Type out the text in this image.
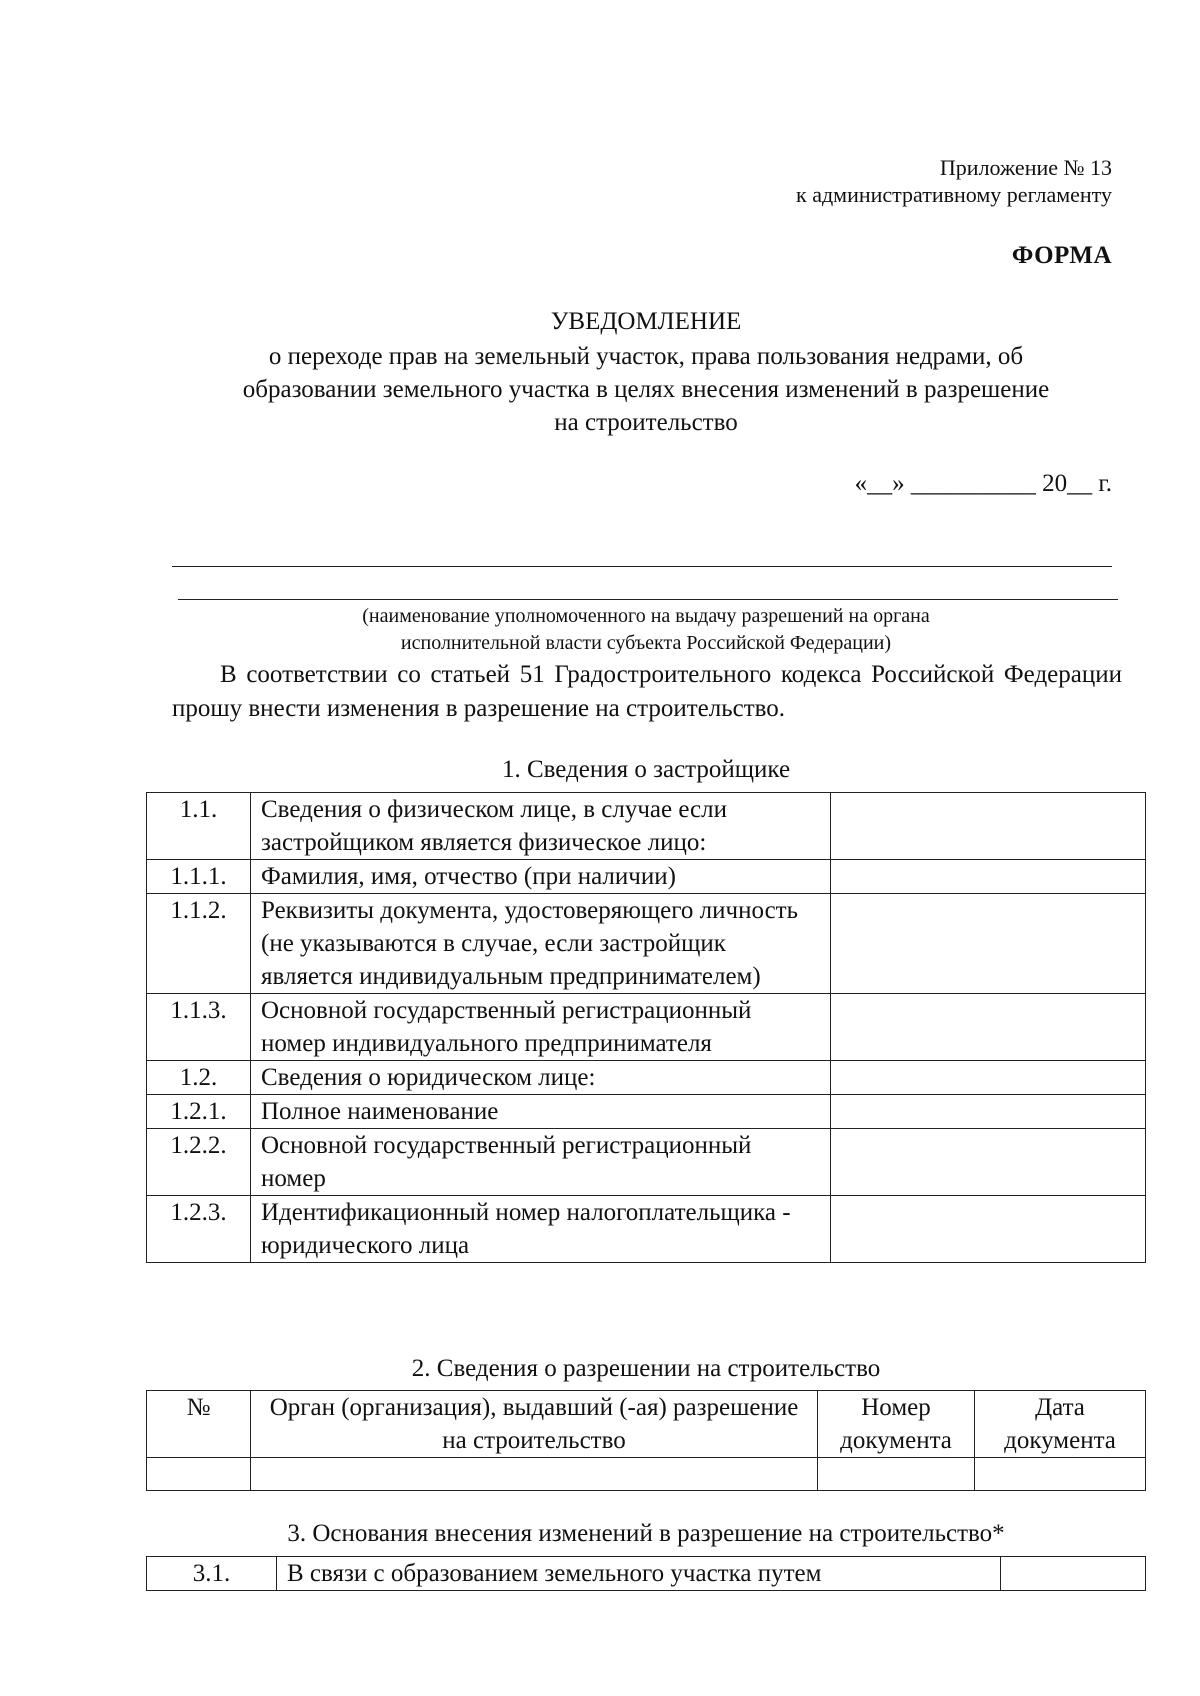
Приложение № 13
к административному регламенту
ФОРМА
УВЕДОМЛЕНИЕ
о переходе прав на земельный участок, права пользования недрами, об
образовании земельного участка в целях внесения изменений в разрешение
на строительство
«__» __________ 20__ г.
(наименование уполномоченного на выдачу разрешений на органа
исполнительной власти субъекта Российской Федерации)
В соответствии со статьей 51 Градостроительного кодекса Российской Федерации прошу внести изменения в разрешение на строительство.
1. Сведения о застройщике
1.1.	Сведения о физическом лице, в случае если застройщиком является физическое лицо:	
1.1.1.	Фамилия, имя, отчество (при наличии)	
1.1.2.	Реквизиты документа, удостоверяющего личность (не указываются в случае, если застройщик является индивидуальным предпринимателем)	
1.1.3.	Основной государственный регистрационный номер индивидуального предпринимателя	
1.2.	Сведения о юридическом лице:	
1.2.1.	Полное наименование	
1.2.2.	Основной государственный регистрационный номер	
1.2.3.	Идентификационный номер налогоплательщика - юридического лица	
2. Сведения о разрешении на строительство
№	Орган (организация), выдавший (-ая) разрешение на строительство	Номер документа	Дата документа

3. Основания внесения изменений в разрешение на строительство*
3.1.	В связи с образованием земельного участка путем	
